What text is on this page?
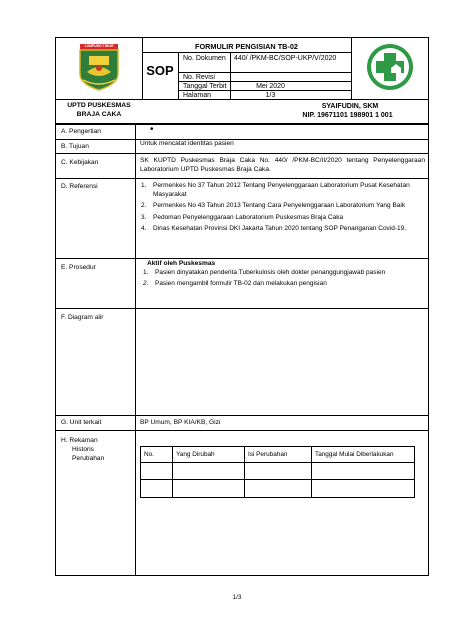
LAMPUNG TIMUR	FORMULIR PENGISIAN TB-02
SOP
No. Dokumen 440/ /PKM-BC/SOP-UKP/V/2020
No. Revisi
Tanggal Terbit	Mei 2020
Halaman	1/3
UPTD PUSKESMAS BRAJA CAKA
SYAIFUDIN, SKM
NIP. 19671101 198901 1 001
A. Pengertian	•
B. Tujuan	Untuk mencatat identitas pasien
C. Kebijakan	SK KUPTD Puskesmas Braja Caka No. 440/ /PKM-BC/II/2020 tentang Penyelenggaraan Laboratorium UPTD Puskesmas Braja Caka.
D. Referensi	1.	Permenkes No 37 Tahun 2012 Tentang Penyelenggaraan Laboratorium Pusat Kesehatan Masyarakat
2.	Permenkes No 43 Tahun 2013 Tentang Cara Penyelenggaraan Laboratorium Yang Baik
3.	Pedoman Penyelenggaraan Laboratorium Puskesmas Braja Caka
4.	Dinas Kesehatan Provinsi DKI Jakarta Tahun 2020 tentang SOP Penanganan Covid-19.
E. Prosedur
Aktif oleh Puskesmas
1.	Pasien dinyatakan penderita Tuberkulosis oleh dokter penanggungjawab pasien
2.	Pasien mengambil formulir TB-02 dan melakukan pengisian
F. Diagram alir
G. Unit terkait	BP Umum, BP KIA/KB, Gizi
H. Rekaman
Historis
Perubahan
No.	Yang Dirubah	Isi Perubahan	Tanggal Mulai Diberlakukan

1/3
